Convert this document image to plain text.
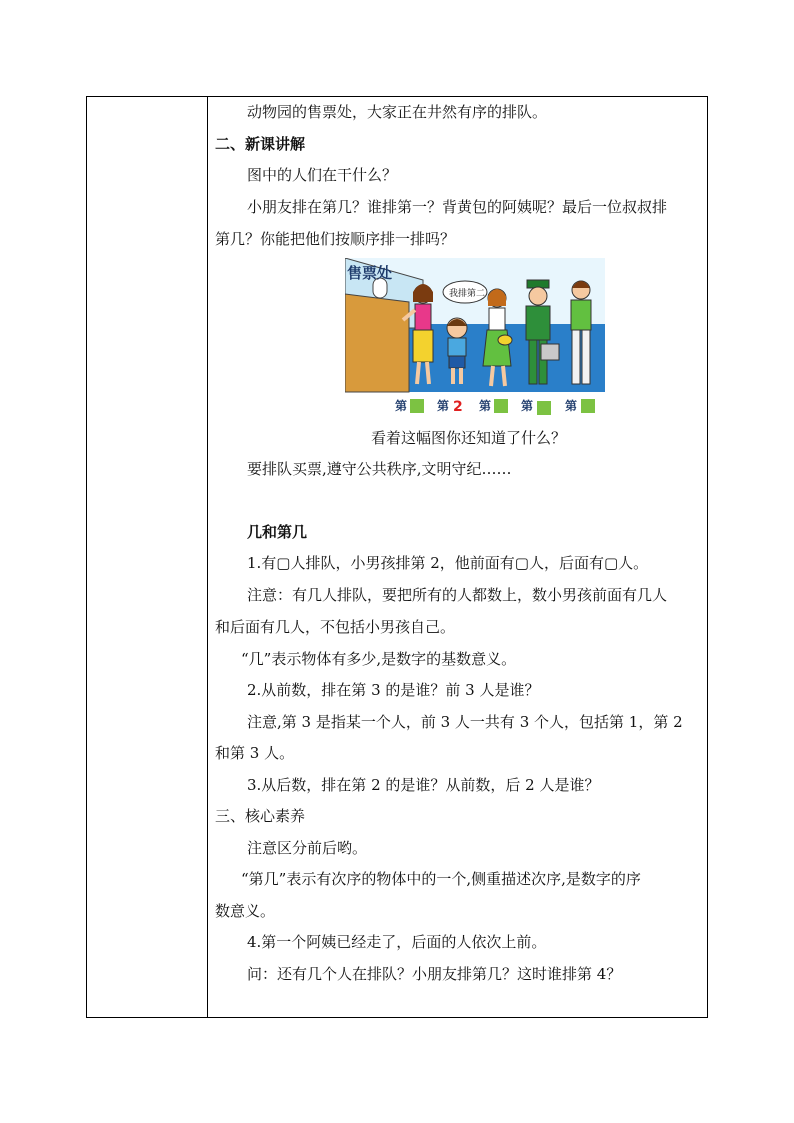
动物园的售票处，大家正在井然有序的排队。
二、新课讲解
图中的人们在干什么？
小朋友排在第几？谁排第一？背黄包的阿姨呢？最后一位叔叔排
第几？你能把他们按顺序排一排吗？
售票处
我排第二
第 第 2 第 第	第
看着这幅图你还知道了什么？
要排队买票,遵守公共秩序,文明守纪……
几和第几
1.有▢人排队，小男孩排第 2，他前面有▢人，后面有▢人。
注意：有几人排队，要把所有的人都数上，数小男孩前面有几人
和后面有几人，不包括小男孩自己。
“几”表示物体有多少,是数字的基数意义。
2.从前数，排在第 3 的是谁？前 3 人是谁？
注意,第 3 是指某一个人，前 3 人一共有 3 个人，包括第 1，第 2
和第 3 人。
3.从后数，排在第 2 的是谁？从前数，后 2 人是谁？
三、核心素养
注意区分前后哟。
“第几”表示有次序的物体中的一个,侧重描述次序,是数字的序
数意义。
4.第一个阿姨已经走了，后面的人依次上前。
问：还有几个人在排队？小朋友排第几？这时谁排第 4？
